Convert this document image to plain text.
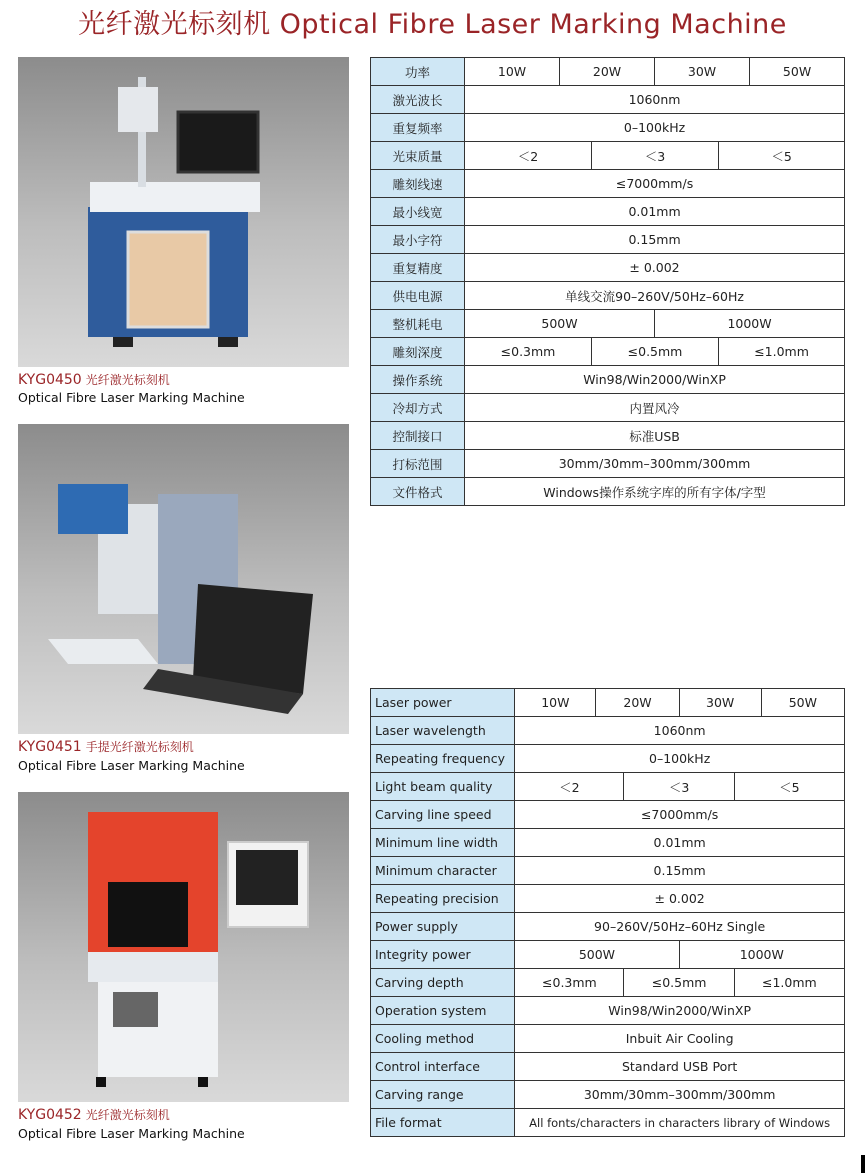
光纤激光标刻机 Optical Fibre Laser Marking Machine
KYG0450 光纤激光标刻机
Optical Fibre Laser Marking Machine
KYG0451 手提光纤激光标刻机
Optical Fibre Laser Marking Machine
KYG0452 光纤激光标刻机
Optical Fibre Laser Marking Machine
功率	10W	20W		30W		50W
激光波长	1060nm					
重复频率	0–100kHz					
光束质量	＜2		＜3		＜5	
雕刻线速	≤7000mm/s					
最小线宽	0.01mm					
最小字符	0.15mm					
重复精度	± 0.002					
供电电源	单线交流90–260V/50Hz–60Hz					
整机耗电	500W			1000W		
雕刻深度	≤0.3mm		≤0.5mm		≤1.0mm	
操作系统	Win98/Win2000/WinXP					
冷却方式	内置风冷					
控制接口	标准USB					
打标范围	30mm/30mm–300mm/300mm					
文件格式	Windows操作系统字库的所有字体/字型					
Laser power	10W	20W		30W		50W
Laser wavelength	1060nm					
Repeating frequency	0–100kHz					
Light beam quality	＜2		＜3		＜5	
Carving line speed	≤7000mm/s					
Minimum line width	0.01mm					
Minimum character	0.15mm					
Repeating precision	± 0.002					
Power supply	90–260V/50Hz–60Hz Single					
Integrity power	500W			1000W		
Carving depth	≤0.3mm		≤0.5mm		≤1.0mm	
Operation system	Win98/Win2000/WinXP					
Cooling method	Inbuit Air Cooling					
Control interface	Standard USB Port					
Carving range	30mm/30mm–300mm/300mm					
File format	All fonts/characters in characters library of Windows					
